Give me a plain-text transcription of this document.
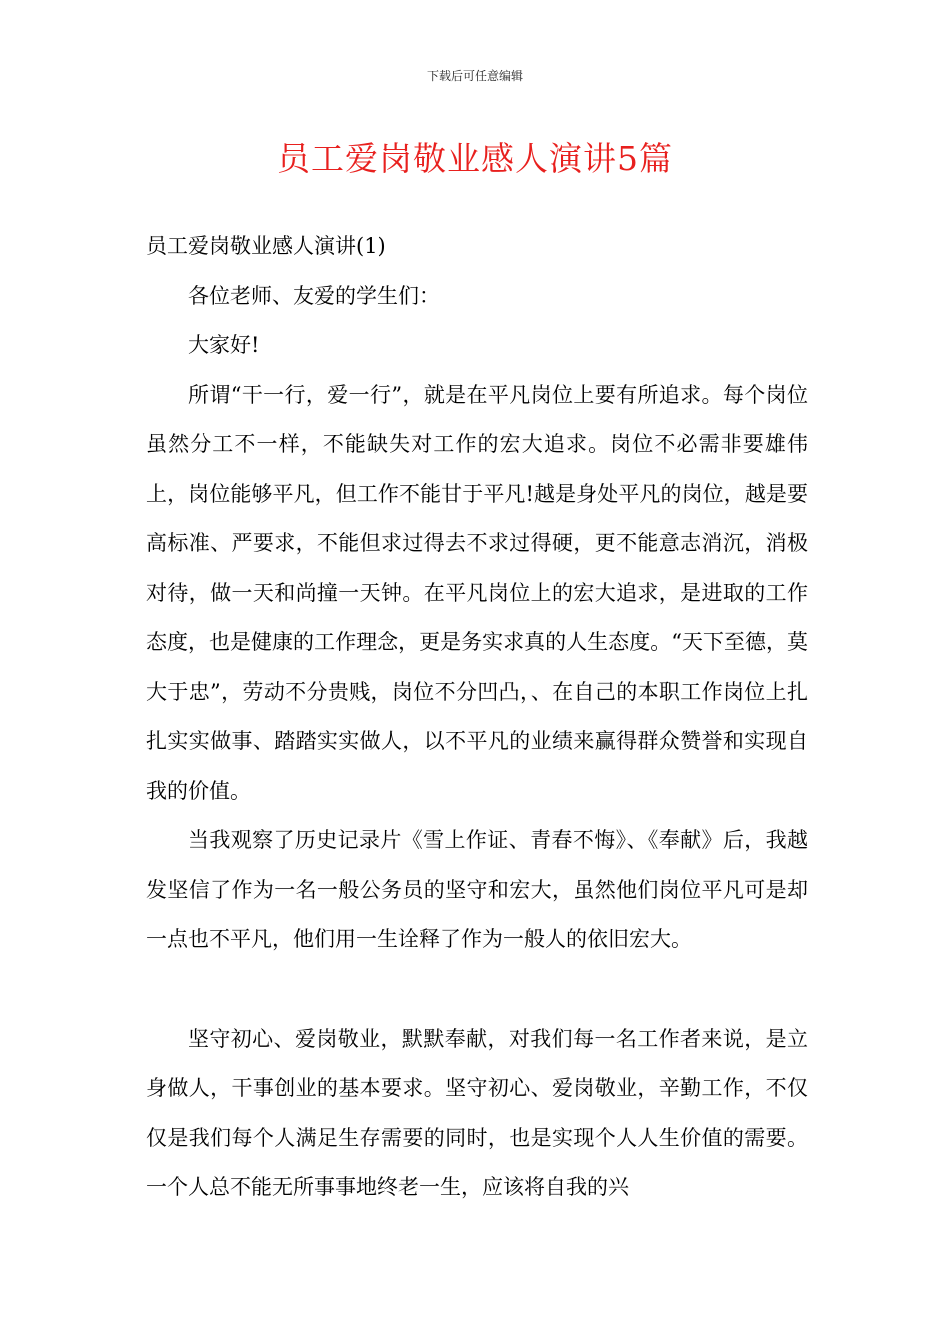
下载后可任意编辑
员工爱岗敬业感人演讲5篇

员工爱岗敬业感人演讲(1)

各位老师、友爱的学生们：

大家好!

所谓“干一行，爱一行”，就是在平凡岗位上要有所追求。每个岗位虽然分工不一样，不能缺失对工作的宏大追求。岗位不必需非要雄伟上，岗位能够平凡，但工作不能甘于平凡!越是身处平凡的岗位，越是要高标准、严要求，不能但求过得去不求过得硬，更不能意志消沉，消极对待，做一天和尚撞一天钟。在平凡岗位上的宏大追求，是进取的工作态度，也是健康的工作理念，更是务实求真的人生态度。“天下至德，莫大于忠”，劳动不分贵贱，岗位不分凹凸，、在自己的本职工作岗位上扎扎实实做事、踏踏实实做人，以不平凡的业绩来赢得群众赞誉和实现自我的价值。

当我观察了历史记录片《雪上作证、青春不悔》、《奉献》后，我越发坚信了作为一名一般公务员的坚守和宏大，虽然他们岗位平凡可是却一点也不平凡，他们用一生诠释了作为一般人的依旧宏大。

坚守初心、爱岗敬业，默默奉献，对我们每一名工作者来说，是立身做人，干事创业的基本要求。坚守初心、爱岗敬业，辛勤工作，不仅仅是我们每个人满足生存需要的同时，也是实现个人人生价值的需要。一个人总不能无所事事地终老一生，应该将自我的兴
